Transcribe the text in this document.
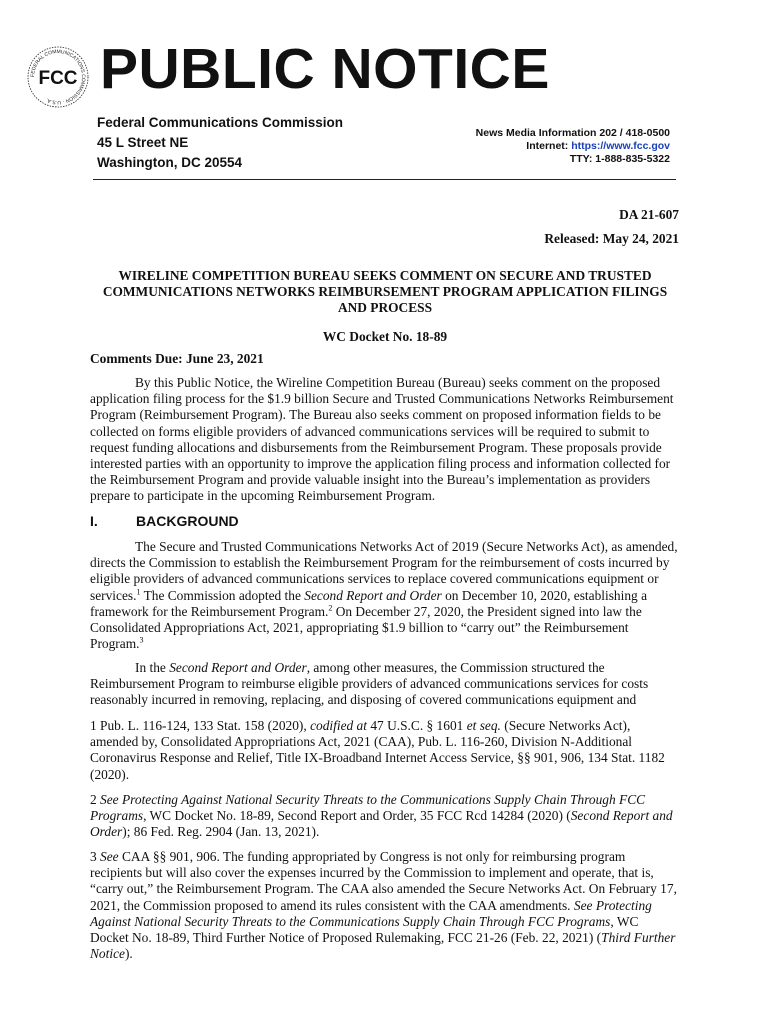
FEDERAL COMMUNICATIONS COMMISSION · U.S.A.
FCC PUBLIC NOTICE
Federal Communications Commission
45 L Street NE
Washington, DC 20554
News Media Information 202 / 418-0500
Internet: https://www.fcc.gov
TTY: 1-888-835-5322
DA 21-607
Released: May 24, 2021
WIRELINE COMPETITION BUREAU SEEKS COMMENT ON SECURE AND TRUSTED
COMMUNICATIONS NETWORKS REIMBURSEMENT PROGRAM APPLICATION FILINGS
AND PROCESS
WC Docket No. 18-89
Comments Due: June 23, 2021
By this Public Notice, the Wireline Competition Bureau (Bureau) seeks comment on the proposed application filing process for the $1.9 billion Secure and Trusted Communications Networks Reimbursement Program (Reimbursement Program). The Bureau also seeks comment on proposed information fields to be collected on forms eligible providers of advanced communications services will be required to submit to request funding allocations and disbursements from the Reimbursement Program. These proposals provide interested parties with an opportunity to improve the application filing process and information collected for the Reimbursement Program and provide valuable insight into the Bureau’s implementation as providers prepare to participate in the upcoming Reimbursement Program.
I.	BACKGROUND
The Secure and Trusted Communications Networks Act of 2019 (Secure Networks Act), as amended, directs the Commission to establish the Reimbursement Program for the reimbursement of costs incurred by eligible providers of advanced communications services to replace covered communications equipment or services.$^1$ The Commission adopted the Second Report and Order on December 10, 2020, establishing a framework for the Reimbursement Program.$^2$ On December 27, 2020, the President signed into law the Consolidated Appropriations Act, 2021, appropriating $1.9 billion to “carry out” the Reimbursement Program.$^3$
In the Second Report and Order, among other measures, the Commission structured the Reimbursement Program to reimburse eligible providers of advanced communications services for costs reasonably incurred in removing, replacing, and disposing of covered communications equipment and
1 Pub. L. 116-124, 133 Stat. 158 (2020), codified at 47 U.S.C. § 1601 et seq. (Secure Networks Act), amended by, Consolidated Appropriations Act, 2021 (CAA), Pub. L. 116-260, Division N-Additional Coronavirus Response and Relief, Title IX-Broadband Internet Access Service, §§ 901, 906, 134 Stat. 1182 (2020).
2 See Protecting Against National Security Threats to the Communications Supply Chain Through FCC Programs, WC Docket No. 18-89, Second Report and Order, 35 FCC Rcd 14284 (2020) (Second Report and Order); 86 Fed. Reg. 2904 (Jan. 13, 2021).
3 See CAA §§ 901, 906. The funding appropriated by Congress is not only for reimbursing program recipients but will also cover the expenses incurred by the Commission to implement and operate, that is, “carry out,” the Reimbursement Program. The CAA also amended the Secure Networks Act. On February 17, 2021, the Commission proposed to amend its rules consistent with the CAA amendments. See Protecting Against National Security Threats to the Communications Supply Chain Through FCC Programs, WC Docket No. 18-89, Third Further Notice of Proposed Rulemaking, FCC 21-26 (Feb. 22, 2021) (Third Further Notice).
